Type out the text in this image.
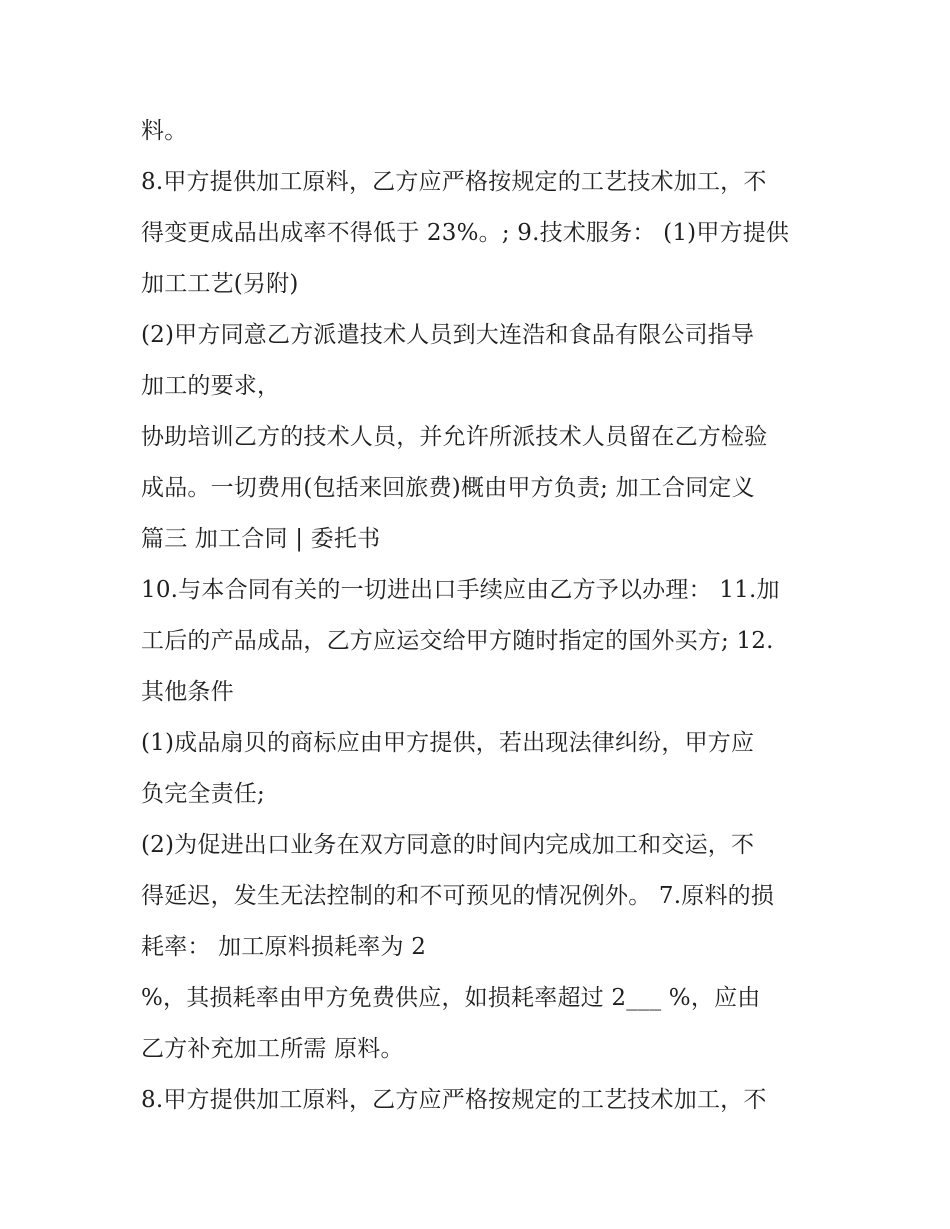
料。
8.甲方提供加工原料，乙方应严格按规定的工艺技术加工，不
得变更成品出成率不得低于 23%。; 9.技术服务： (1)甲方提供
加工工艺(另附)
(2)甲方同意乙方派遣技术人员到大连浩和食品有限公司指导
加工的要求，
协助培训乙方的技术人员，并允许所派技术人员留在乙方检验
成品。一切费用(包括来回旅费)概由甲方负责; 加工合同定义
篇三 加工合同 | 委托书
10.与本合同有关的一切进出口手续应由乙方予以办理： 11.加
工后的产品成品，乙方应运交给甲方随时指定的国外买方; 12.
其他条件
(1)成品扇贝的商标应由甲方提供，若出现法律纠纷，甲方应
负完全责任;
(2)为促进出口业务在双方同意的时间内完成加工和交运，不
得延迟，发生无法控制的和不可预见的情况例外。 7.原料的损
耗率： 加工原料损耗率为 2
%，其损耗率由甲方免费供应，如损耗率超过 2___ %，应由
乙方补充加工所需 原料。
8.甲方提供加工原料，乙方应严格按规定的工艺技术加工，不
